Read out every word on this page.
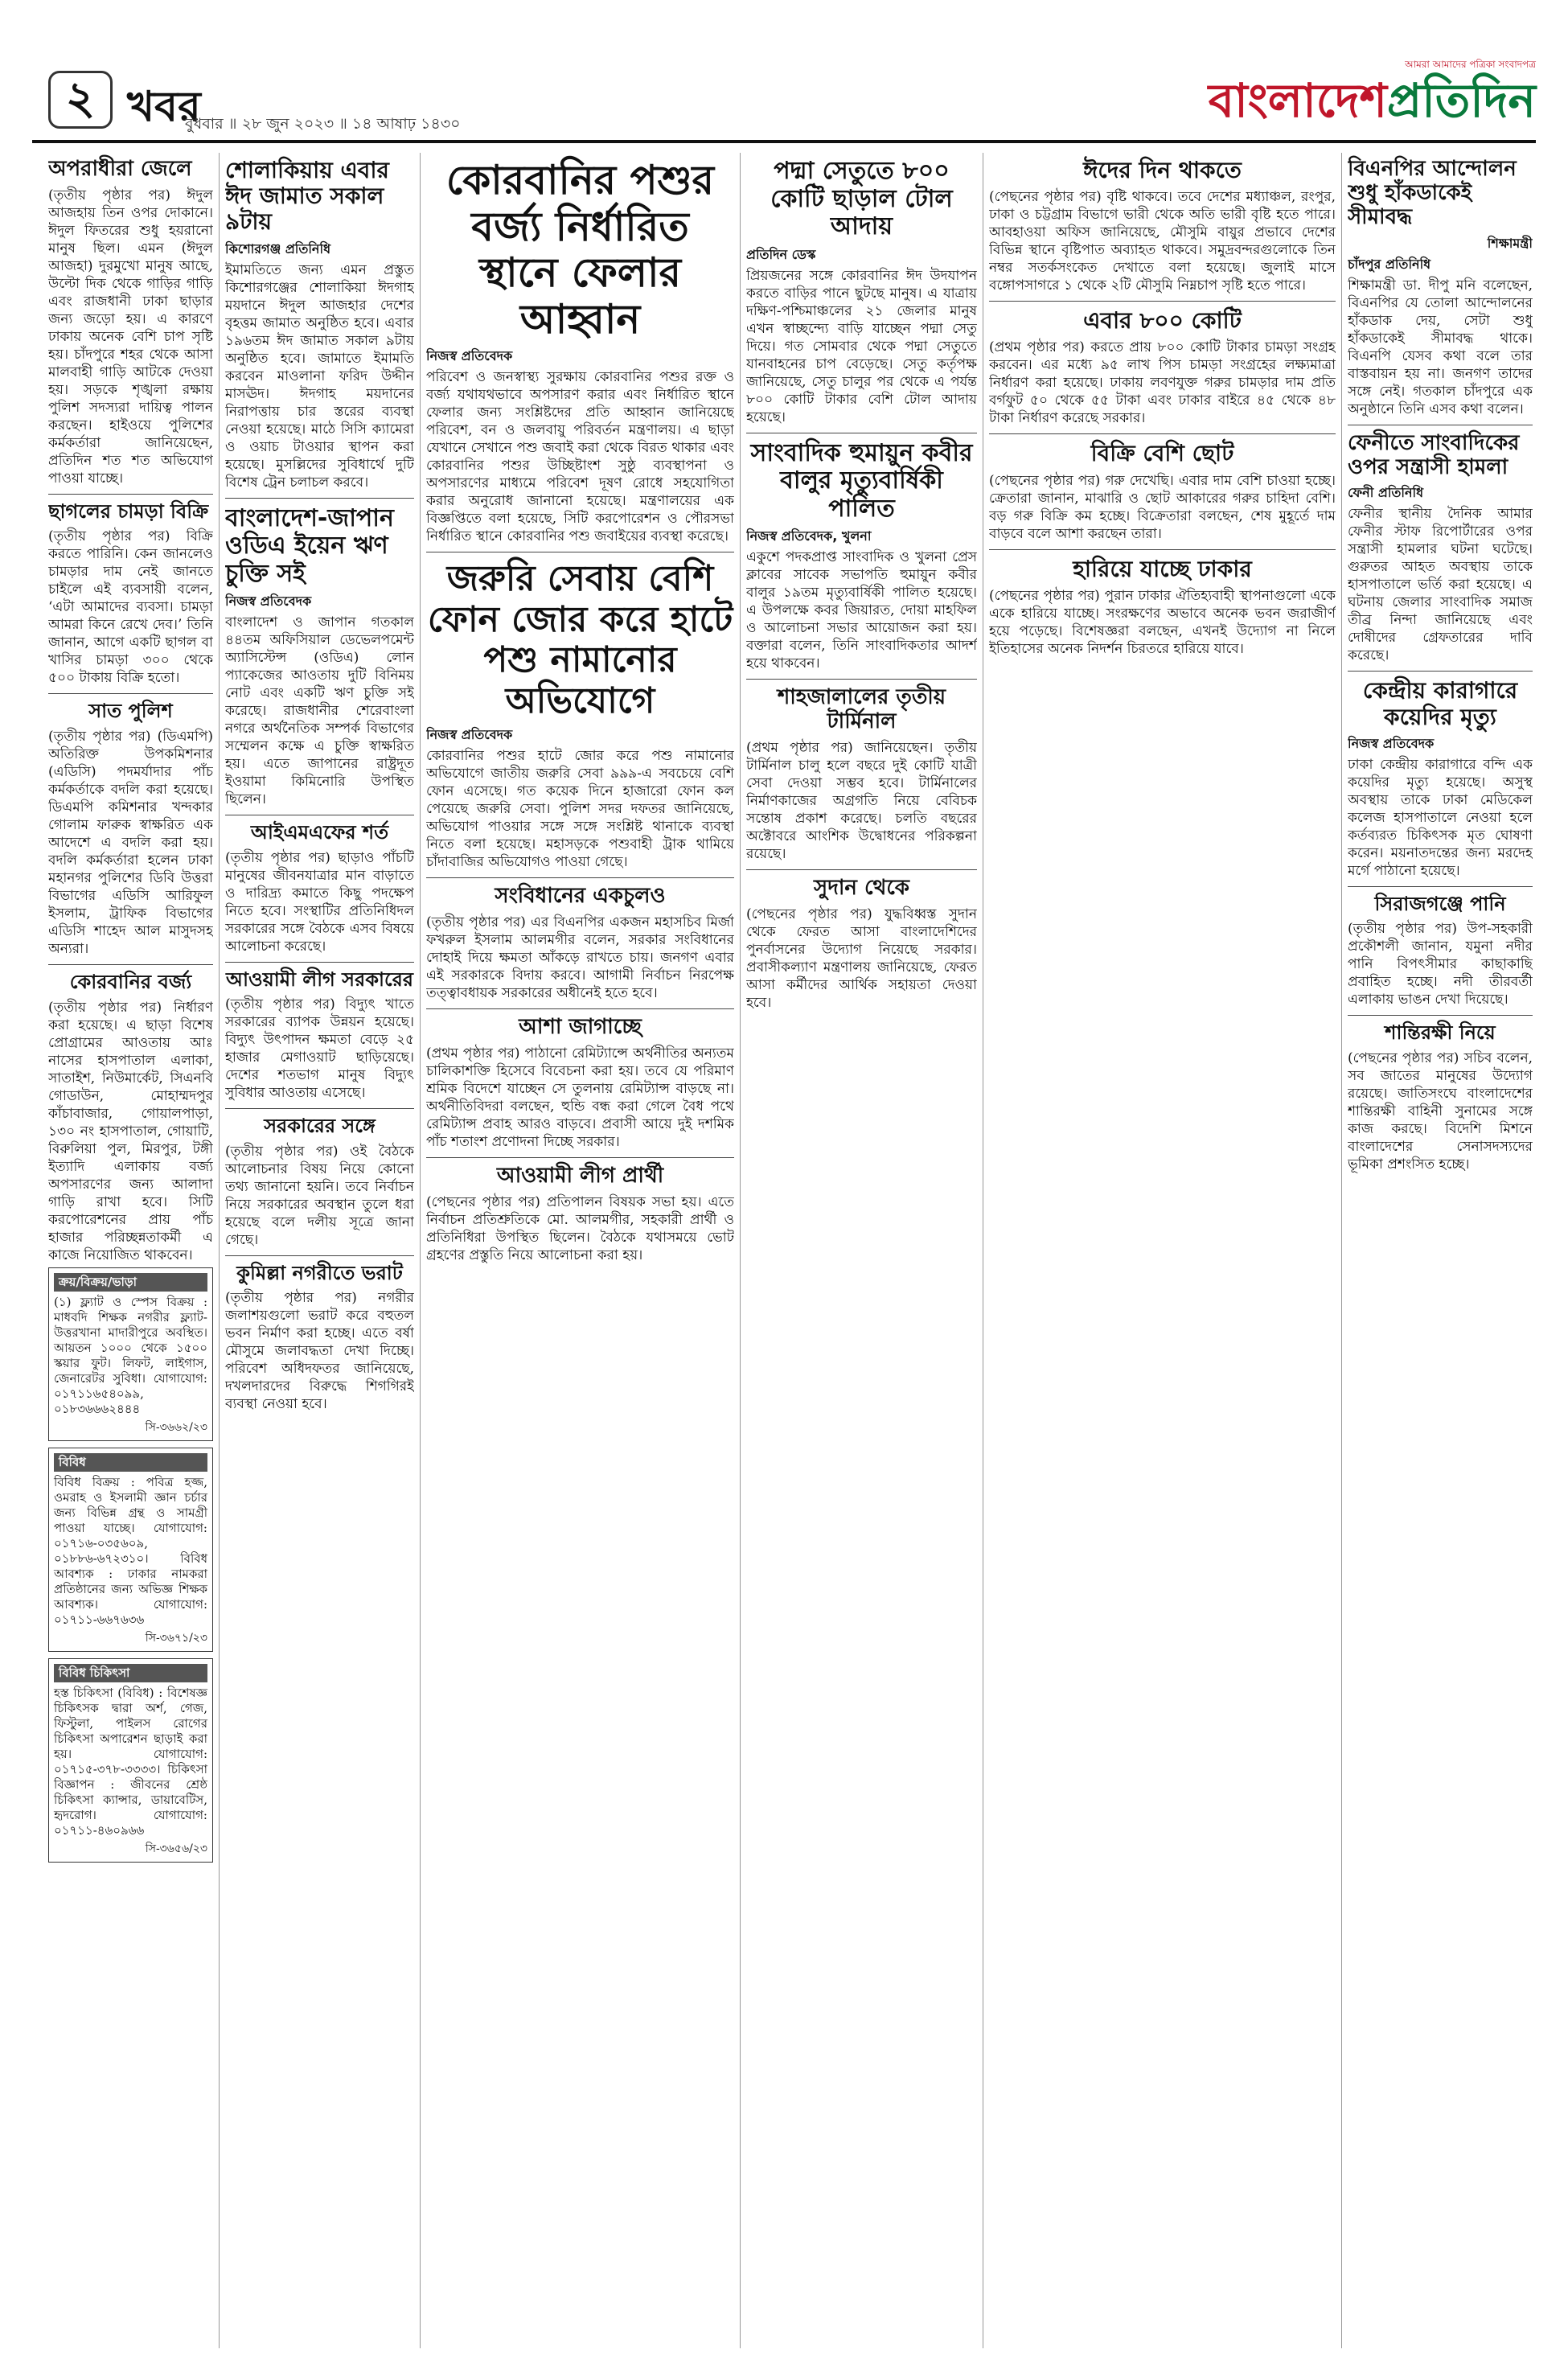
২ খবর
বুধবার ॥ ২৮ জুন ২০২৩ ॥ ১৪ আষাঢ় ১৪৩০
আমরা আমাদের পত্রিকা সংবাদপত্র
বাংলাদেশপ্রতিদিন
অপরাধীরা জেলে

(তৃতীয় পৃষ্ঠার পর) ঈদুল আজহায় তিন ওপর দোকানে। ঈদুল ফিতরের শুধু হয়রানো মানুষ ছিল। এমন (ঈদুল আজহা) দুরমুখো মানুষ আছে, উল্টো দিক থেকে গাড়ির গাড়ি এবং রাজধানী ঢাকা ছাড়ার জন্য জড়ো হয়। এ কারণে ঢাকায় অনেক বেশি চাপ সৃষ্টি হয়। চাঁদপুরে শহর থেকে আসা মালবাহী গাড়ি আটকে দেওয়া হয়। সড়কে শৃঙ্খলা রক্ষায় পুলিশ সদস্যরা দায়িত্ব পালন করছেন। হাইওয়ে পুলিশের কর্মকর্তারা জানিয়েছেন, প্রতিদিন শত শত অভিযোগ পাওয়া যাচ্ছে।

ছাগলের চামড়া বিক্রি

(তৃতীয় পৃষ্ঠার পর) বিক্রি করতে পারিনি। কেন জানলেও চামড়ার দাম নেই জানতে চাইলে এই ব্যবসায়ী বলেন, ‘এটা আমাদের ব্যবসা। চামড়া আমরা কিনে রেখে দেব।’ তিনি জানান, আগে একটি ছাগল বা খাসির চামড়া ৩০০ থেকে ৫০০ টাকায় বিক্রি হতো।

সাত পুলিশ

(তৃতীয় পৃষ্ঠার পর) (ডিএমপি) অতিরিক্ত উপকমিশনার (এডিসি) পদমর্যাদার পাঁচ কর্মকর্তাকে বদলি করা হয়েছে। ডিএমপি কমিশনার খন্দকার গোলাম ফারুক স্বাক্ষরিত এক আদেশে এ বদলি করা হয়। বদলি কর্মকর্তারা হলেন ঢাকা মহানগর পুলিশের ডিবি উত্তরা বিভাগের এডিসি আরিফুল ইসলাম, ট্রাফিক বিভাগের এডিসি শাহেদ আল মাসুদসহ অন্যরা।

কোরবানির বর্জ্য

(তৃতীয় পৃষ্ঠার পর) নির্ধারণ করা হয়েছে। এ ছাড়া বিশেষ প্রোগ্রামের আওতায় আঃ নাসের হাসপাতাল এলাকা, সাতাইশ, নিউমার্কেট, সিএনবি গোডাউন, মোহাম্মদপুর কাঁচাবাজার, গোয়ালপাড়া, ১৩০ নং হাসপাতাল, গোয়াটি, বিরুলিয়া পুল, মিরপুর, টঙ্গী ইত্যাদি এলাকায় বর্জ্য অপসারণের জন্য আলাদা গাড়ি রাখা হবে। সিটি করপোরেশনের প্রায় পাঁচ হাজার পরিচ্ছন্নতাকর্মী এ কাজে নিয়োজিত থাকবেন।

ক্রয়/বিক্রয়/ভাড়া

(১) ফ্ল্যাট ও স্পেস বিক্রয় : মাধবদি শিক্ষক নগরীর ফ্ল্যাট-উত্তরখানা মাদারীপুরে অবস্থিত। আয়তন ১০০০ থেকে ১৫০০ স্কয়ার ফুট। লিফট, লাইগাস, জেনারেটর সুবিধা। যোগাযোগ: ০১৭১১৬৫৪০৯৯, ০১৮৩৬৬৬২৪৪৪

সি-৩৬৬২/২৩
বিবিধ

বিবিধ বিক্রয় : পবিত্র হজ্জ, ওমরাহ ও ইসলামী জ্ঞান চর্চার জন্য বিভিন্ন গ্রন্থ ও সামগ্রী পাওয়া যাচ্ছে। যোগাযোগ: ০১৭১৬-০৩৫৬০৯, ০১৮৮৬-৬৭২৩১০। বিবিধ আবশ্যক : ঢাকার নামকরা প্রতিষ্ঠানের জন্য অভিজ্ঞ শিক্ষক আবশ্যক। যোগাযোগ: ০১৭১১-৬৬৭৬৩৬

সি-৩৬৭১/২৩
বিবিধ চিকিৎসা

হস্ত চিকিৎসা (বিবিধ) : বিশেষজ্ঞ চিকিৎসক দ্বারা অর্শ, গেজ, ফিস্টুলা, পাইলস রোগের চিকিৎসা অপারেশন ছাড়াই করা হয়। যোগাযোগ: ০১৭১৫-৩৭৮-৩৩৩৩। চিকিৎসা বিজ্ঞাপন : জীবনের শ্রেষ্ঠ চিকিৎসা ক্যান্সার, ডায়াবেটিস, হৃদরোগ। যোগাযোগ: ০১৭১১-৪৬০৯৬৬

সি-৩৬৫৬/২৩
শোলাকিয়ায় এবার ঈদ জামাত সকাল ৯টায়
কিশোরগঞ্জ প্রতিনিধি

ইমামতিতে জন্য এমন প্রস্তুত কিশোরগঞ্জের শোলাকিয়া ঈদগাহ ময়দানে ঈদুল আজহার দেশের বৃহত্তম জামাত অনুষ্ঠিত হবে। এবার ১৯৬তম ঈদ জামাত সকাল ৯টায় অনুষ্ঠিত হবে। জামাতে ইমামতি করবেন মাওলানা ফরিদ উদ্দীন মাসঊদ। ঈদগাহ ময়দানের নিরাপত্তায় চার স্তরের ব্যবস্থা নেওয়া হয়েছে। মাঠে সিসি ক্যামেরা ও ওয়াচ টাওয়ার স্থাপন করা হয়েছে। মুসল্লিদের সুবিধার্থে দুটি বিশেষ ট্রেন চলাচল করবে।

বাংলাদেশ-জাপান ওডিএ ইয়েন ঋণ চুক্তি সই
নিজস্ব প্রতিবেদক

বাংলাদেশ ও জাপান গতকাল ৪৪তম অফিসিয়াল ডেভেলপমেন্ট অ্যাসিস্টেন্স (ওডিএ) লোন প্যাকেজের আওতায় দুটি বিনিময় নোট এবং একটি ঋণ চুক্তি সই করেছে। রাজধানীর শেরেবাংলা নগরে অর্থনৈতিক সম্পর্ক বিভাগের সম্মেলন কক্ষে এ চুক্তি স্বাক্ষরিত হয়। এতে জাপানের রাষ্ট্রদূত ইওয়ামা কিমিনোরি উপস্থিত ছিলেন।

আইএমএফের শর্ত

(তৃতীয় পৃষ্ঠার পর) ছাড়াও পাঁচটি মানুষের জীবনযাত্রার মান বাড়াতে ও দারিদ্র্য কমাতে কিছু পদক্ষেপ নিতে হবে। সংস্থাটির প্রতিনিধিদল সরকারের সঙ্গে বৈঠকে এসব বিষয়ে আলোচনা করেছে।

আওয়ামী লীগ সরকারের

(তৃতীয় পৃষ্ঠার পর) বিদ্যুৎ খাতে সরকারের ব্যাপক উন্নয়ন হয়েছে। বিদ্যুৎ উৎপাদন ক্ষমতা বেড়ে ২৫ হাজার মেগাওয়াট ছাড়িয়েছে। দেশের শতভাগ মানুষ বিদ্যুৎ সুবিধার আওতায় এসেছে।

সরকারের সঙ্গে

(তৃতীয় পৃষ্ঠার পর) ওই বৈঠকে আলোচনার বিষয় নিয়ে কোনো তথ্য জানানো হয়নি। তবে নির্বাচন নিয়ে সরকারের অবস্থান তুলে ধরা হয়েছে বলে দলীয় সূত্রে জানা গেছে।

কুমিল্লা নগরীতে ভরাট

(তৃতীয় পৃষ্ঠার পর) নগরীর জলাশয়গুলো ভরাট করে বহুতল ভবন নির্মাণ করা হচ্ছে। এতে বর্ষা মৌসুমে জলাবদ্ধতা দেখা দিচ্ছে। পরিবেশ অধিদফতর জানিয়েছে, দখলদারদের বিরুদ্ধে শিগগিরই ব্যবস্থা নেওয়া হবে।

কোরবানির পশুর বর্জ্য নির্ধারিত স্থানে ফেলার আহ্বান
নিজস্ব প্রতিবেদক

পরিবেশ ও জনস্বাস্থ্য সুরক্ষায় কোরবানির পশুর রক্ত ও বর্জ্য যথাযথভাবে অপসারণ করার এবং নির্ধারিত স্থানে ফেলার জন্য সংশ্লিষ্টদের প্রতি আহ্বান জানিয়েছে পরিবেশ, বন ও জলবায়ু পরিবর্তন মন্ত্রণালয়। এ ছাড়া যেখানে সেখানে পশু জবাই করা থেকে বিরত থাকার এবং কোরবানির পশুর উচ্ছিষ্টাংশ সুষ্ঠু ব্যবস্থাপনা ও অপসারণের মাধ্যমে পরিবেশ দূষণ রোধে সহযোগিতা করার অনুরোধ জানানো হয়েছে। মন্ত্রণালয়ের এক বিজ্ঞপ্তিতে বলা হয়েছে, সিটি করপোরেশন ও পৌরসভা নির্ধারিত স্থানে কোরবানির পশু জবাইয়ের ব্যবস্থা করেছে।

জরুরি সেবায় বেশি ফোন জোর করে হাটে পশু নামানোর অভিযোগে
নিজস্ব প্রতিবেদক

কোরবানির পশুর হাটে জোর করে পশু নামানোর অভিযোগে জাতীয় জরুরি সেবা ৯৯৯-এ সবচেয়ে বেশি ফোন এসেছে। গত কয়েক দিনে হাজারো ফোন কল পেয়েছে জরুরি সেবা। পুলিশ সদর দফতর জানিয়েছে, অভিযোগ পাওয়ার সঙ্গে সঙ্গে সংশ্লিষ্ট থানাকে ব্যবস্থা নিতে বলা হয়েছে। মহাসড়কে পশুবাহী ট্রাক থামিয়ে চাঁদাবাজির অভিযোগও পাওয়া গেছে।

সংবিধানের একচুলও

(তৃতীয় পৃষ্ঠার পর) এর বিএনপির একজন মহাসচিব মির্জা ফখরুল ইসলাম আলমগীর বলেন, সরকার সংবিধানের দোহাই দিয়ে ক্ষমতা আঁকড়ে রাখতে চায়। জনগণ এবার এই সরকারকে বিদায় করবে। আগামী নির্বাচন নিরপেক্ষ তত্ত্বাবধায়ক সরকারের অধীনেই হতে হবে।

আশা জাগাচ্ছে

(প্রথম পৃষ্ঠার পর) পাঠানো রেমিট্যান্সে অর্থনীতির অন্যতম চালিকাশক্তি হিসেবে বিবেচনা করা হয়। তবে যে পরিমাণ শ্রমিক বিদেশে যাচ্ছেন সে তুলনায় রেমিট্যান্স বাড়ছে না। অর্থনীতিবিদরা বলছেন, হুন্ডি বন্ধ করা গেলে বৈধ পথে রেমিট্যান্স প্রবাহ আরও বাড়বে। প্রবাসী আয়ে দুই দশমিক পাঁচ শতাংশ প্রণোদনা দিচ্ছে সরকার।

আওয়ামী লীগ প্রার্থী

(পেছনের পৃষ্ঠার পর) প্রতিপালন বিষয়ক সভা হয়। এতে নির্বাচন প্রতিশ্রুতিকে মো. আলমগীর, সহকারী প্রার্থী ও প্রতিনিধিরা উপস্থিত ছিলেন। বৈঠকে যথাসময়ে ভোট গ্রহণের প্রস্তুতি নিয়ে আলোচনা করা হয়।

পদ্মা সেতুতে ৮০০ কোটি ছাড়াল টোল আদায়
প্রতিদিন ডেস্ক

প্রিয়জনের সঙ্গে কোরবানির ঈদ উদযাপন করতে বাড়ির পানে ছুটছে মানুষ। এ যাত্রায় দক্ষিণ-পশ্চিমাঞ্চলের ২১ জেলার মানুষ এখন স্বাচ্ছন্দ্যে বাড়ি যাচ্ছেন পদ্মা সেতু দিয়ে। গত সোমবার থেকে পদ্মা সেতুতে যানবাহনের চাপ বেড়েছে। সেতু কর্তৃপক্ষ জানিয়েছে, সেতু চালুর পর থেকে এ পর্যন্ত ৮০০ কোটি টাকার বেশি টোল আদায় হয়েছে।

সাংবাদিক হুমায়ুন কবীর বালুর মৃত্যুবার্ষিকী পালিত
নিজস্ব প্রতিবেদক, খুলনা

একুশে পদকপ্রাপ্ত সাংবাদিক ও খুলনা প্রেস ক্লাবের সাবেক সভাপতি হুমায়ুন কবীর বালুর ১৯তম মৃত্যুবার্ষিকী পালিত হয়েছে। এ উপলক্ষে কবর জিয়ারত, দোয়া মাহফিল ও আলোচনা সভার আয়োজন করা হয়। বক্তারা বলেন, তিনি সাংবাদিকতার আদর্শ হয়ে থাকবেন।

শাহজালালের তৃতীয় টার্মিনাল

(প্রথম পৃষ্ঠার পর) জানিয়েছেন। তৃতীয় টার্মিনাল চালু হলে বছরে দুই কোটি যাত্রী সেবা দেওয়া সম্ভব হবে। টার্মিনালের নির্মাণকাজের অগ্রগতি নিয়ে বেবিচক সন্তোষ প্রকাশ করেছে। চলতি বছরের অক্টোবরে আংশিক উদ্বোধনের পরিকল্পনা রয়েছে।

সুদান থেকে

(পেছনের পৃষ্ঠার পর) যুদ্ধবিধ্বস্ত সুদান থেকে ফেরত আসা বাংলাদেশিদের পুনর্বাসনের উদ্যোগ নিয়েছে সরকার। প্রবাসীকল্যাণ মন্ত্রণালয় জানিয়েছে, ফেরত আসা কর্মীদের আর্থিক সহায়তা দেওয়া হবে।

ঈদের দিন থাকতে

(পেছনের পৃষ্ঠার পর) বৃষ্টি থাকবে। তবে দেশের মধ্যাঞ্চল, রংপুর, ঢাকা ও চট্টগ্রাম বিভাগে ভারী থেকে অতি ভারী বৃষ্টি হতে পারে। আবহাওয়া অফিস জানিয়েছে, মৌসুমি বায়ুর প্রভাবে দেশের বিভিন্ন স্থানে বৃষ্টিপাত অব্যাহত থাকবে। সমুদ্রবন্দরগুলোকে তিন নম্বর সতর্কসংকেত দেখাতে বলা হয়েছে। জুলাই মাসে বঙ্গোপসাগরে ১ থেকে ২টি মৌসুমি নিম্নচাপ সৃষ্টি হতে পারে।

এবার ৮০০ কোটি

(প্রথম পৃষ্ঠার পর) করতে প্রায় ৮০০ কোটি টাকার চামড়া সংগ্রহ করবেন। এর মধ্যে ৯৫ লাখ পিস চামড়া সংগ্রহের লক্ষ্যমাত্রা নির্ধারণ করা হয়েছে। ঢাকায় লবণযুক্ত গরুর চামড়ার দাম প্রতি বর্গফুট ৫০ থেকে ৫৫ টাকা এবং ঢাকার বাইরে ৪৫ থেকে ৪৮ টাকা নির্ধারণ করেছে সরকার।

বিক্রি বেশি ছোট

(পেছনের পৃষ্ঠার পর) গরু দেখেছি। এবার দাম বেশি চাওয়া হচ্ছে। ক্রেতারা জানান, মাঝারি ও ছোট আকারের গরুর চাহিদা বেশি। বড় গরু বিক্রি কম হচ্ছে। বিক্রেতারা বলছেন, শেষ মুহূর্তে দাম বাড়বে বলে আশা করছেন তারা।

হারিয়ে যাচ্ছে ঢাকার

(পেছনের পৃষ্ঠার পর) পুরান ঢাকার ঐতিহ্যবাহী স্থাপনাগুলো একে একে হারিয়ে যাচ্ছে। সংরক্ষণের অভাবে অনেক ভবন জরাজীর্ণ হয়ে পড়েছে। বিশেষজ্ঞরা বলছেন, এখনই উদ্যোগ না নিলে ইতিহাসের অনেক নিদর্শন চিরতরে হারিয়ে যাবে।

বিএনপির আন্দোলন শুধু হাঁকডাকেই সীমাবদ্ধ
শিক্ষামন্ত্রী
চাঁদপুর প্রতিনিধি

শিক্ষামন্ত্রী ডা. দীপু মনি বলেছেন, বিএনপির যে তোলা আন্দোলনের হাঁকডাক দেয়, সেটা শুধু হাঁকডাকেই সীমাবদ্ধ থাকে। বিএনপি যেসব কথা বলে তার বাস্তবায়ন হয় না। জনগণ তাদের সঙ্গে নেই। গতকাল চাঁদপুরে এক অনুষ্ঠানে তিনি এসব কথা বলেন।

ফেনীতে সাংবাদিকের ওপর সন্ত্রাসী হামলা
ফেনী প্রতিনিধি

ফেনীর স্থানীয় দৈনিক আমার ফেনীর স্টাফ রিপোর্টারের ওপর সন্ত্রাসী হামলার ঘটনা ঘটেছে। গুরুতর আহত অবস্থায় তাকে হাসপাতালে ভর্তি করা হয়েছে। এ ঘটনায় জেলার সাংবাদিক সমাজ তীব্র নিন্দা জানিয়েছে এবং দোষীদের গ্রেফতারের দাবি করেছে।

কেন্দ্রীয় কারাগারে কয়েদির মৃত্যু
নিজস্ব প্রতিবেদক

ঢাকা কেন্দ্রীয় কারাগারে বন্দি এক কয়েদির মৃত্যু হয়েছে। অসুস্থ অবস্থায় তাকে ঢাকা মেডিকেল কলেজ হাসপাতালে নেওয়া হলে কর্তব্যরত চিকিৎসক মৃত ঘোষণা করেন। ময়নাতদন্তের জন্য মরদেহ মর্গে পাঠানো হয়েছে।

সিরাজগঞ্জে পানি

(তৃতীয় পৃষ্ঠার পর) উপ-সহকারী প্রকৌশলী জানান, যমুনা নদীর পানি বিপৎসীমার কাছাকাছি প্রবাহিত হচ্ছে। নদী তীরবর্তী এলাকায় ভাঙন দেখা দিয়েছে।

শান্তিরক্ষী নিয়ে

(পেছনের পৃষ্ঠার পর) সচিব বলেন, সব জাতের মানুষের উদ্যোগ রয়েছে। জাতিসংঘে বাংলাদেশের শান্তিরক্ষী বাহিনী সুনামের সঙ্গে কাজ করছে। বিদেশি মিশনে বাংলাদেশের সেনাসদস্যদের ভূমিকা প্রশংসিত হচ্ছে।
